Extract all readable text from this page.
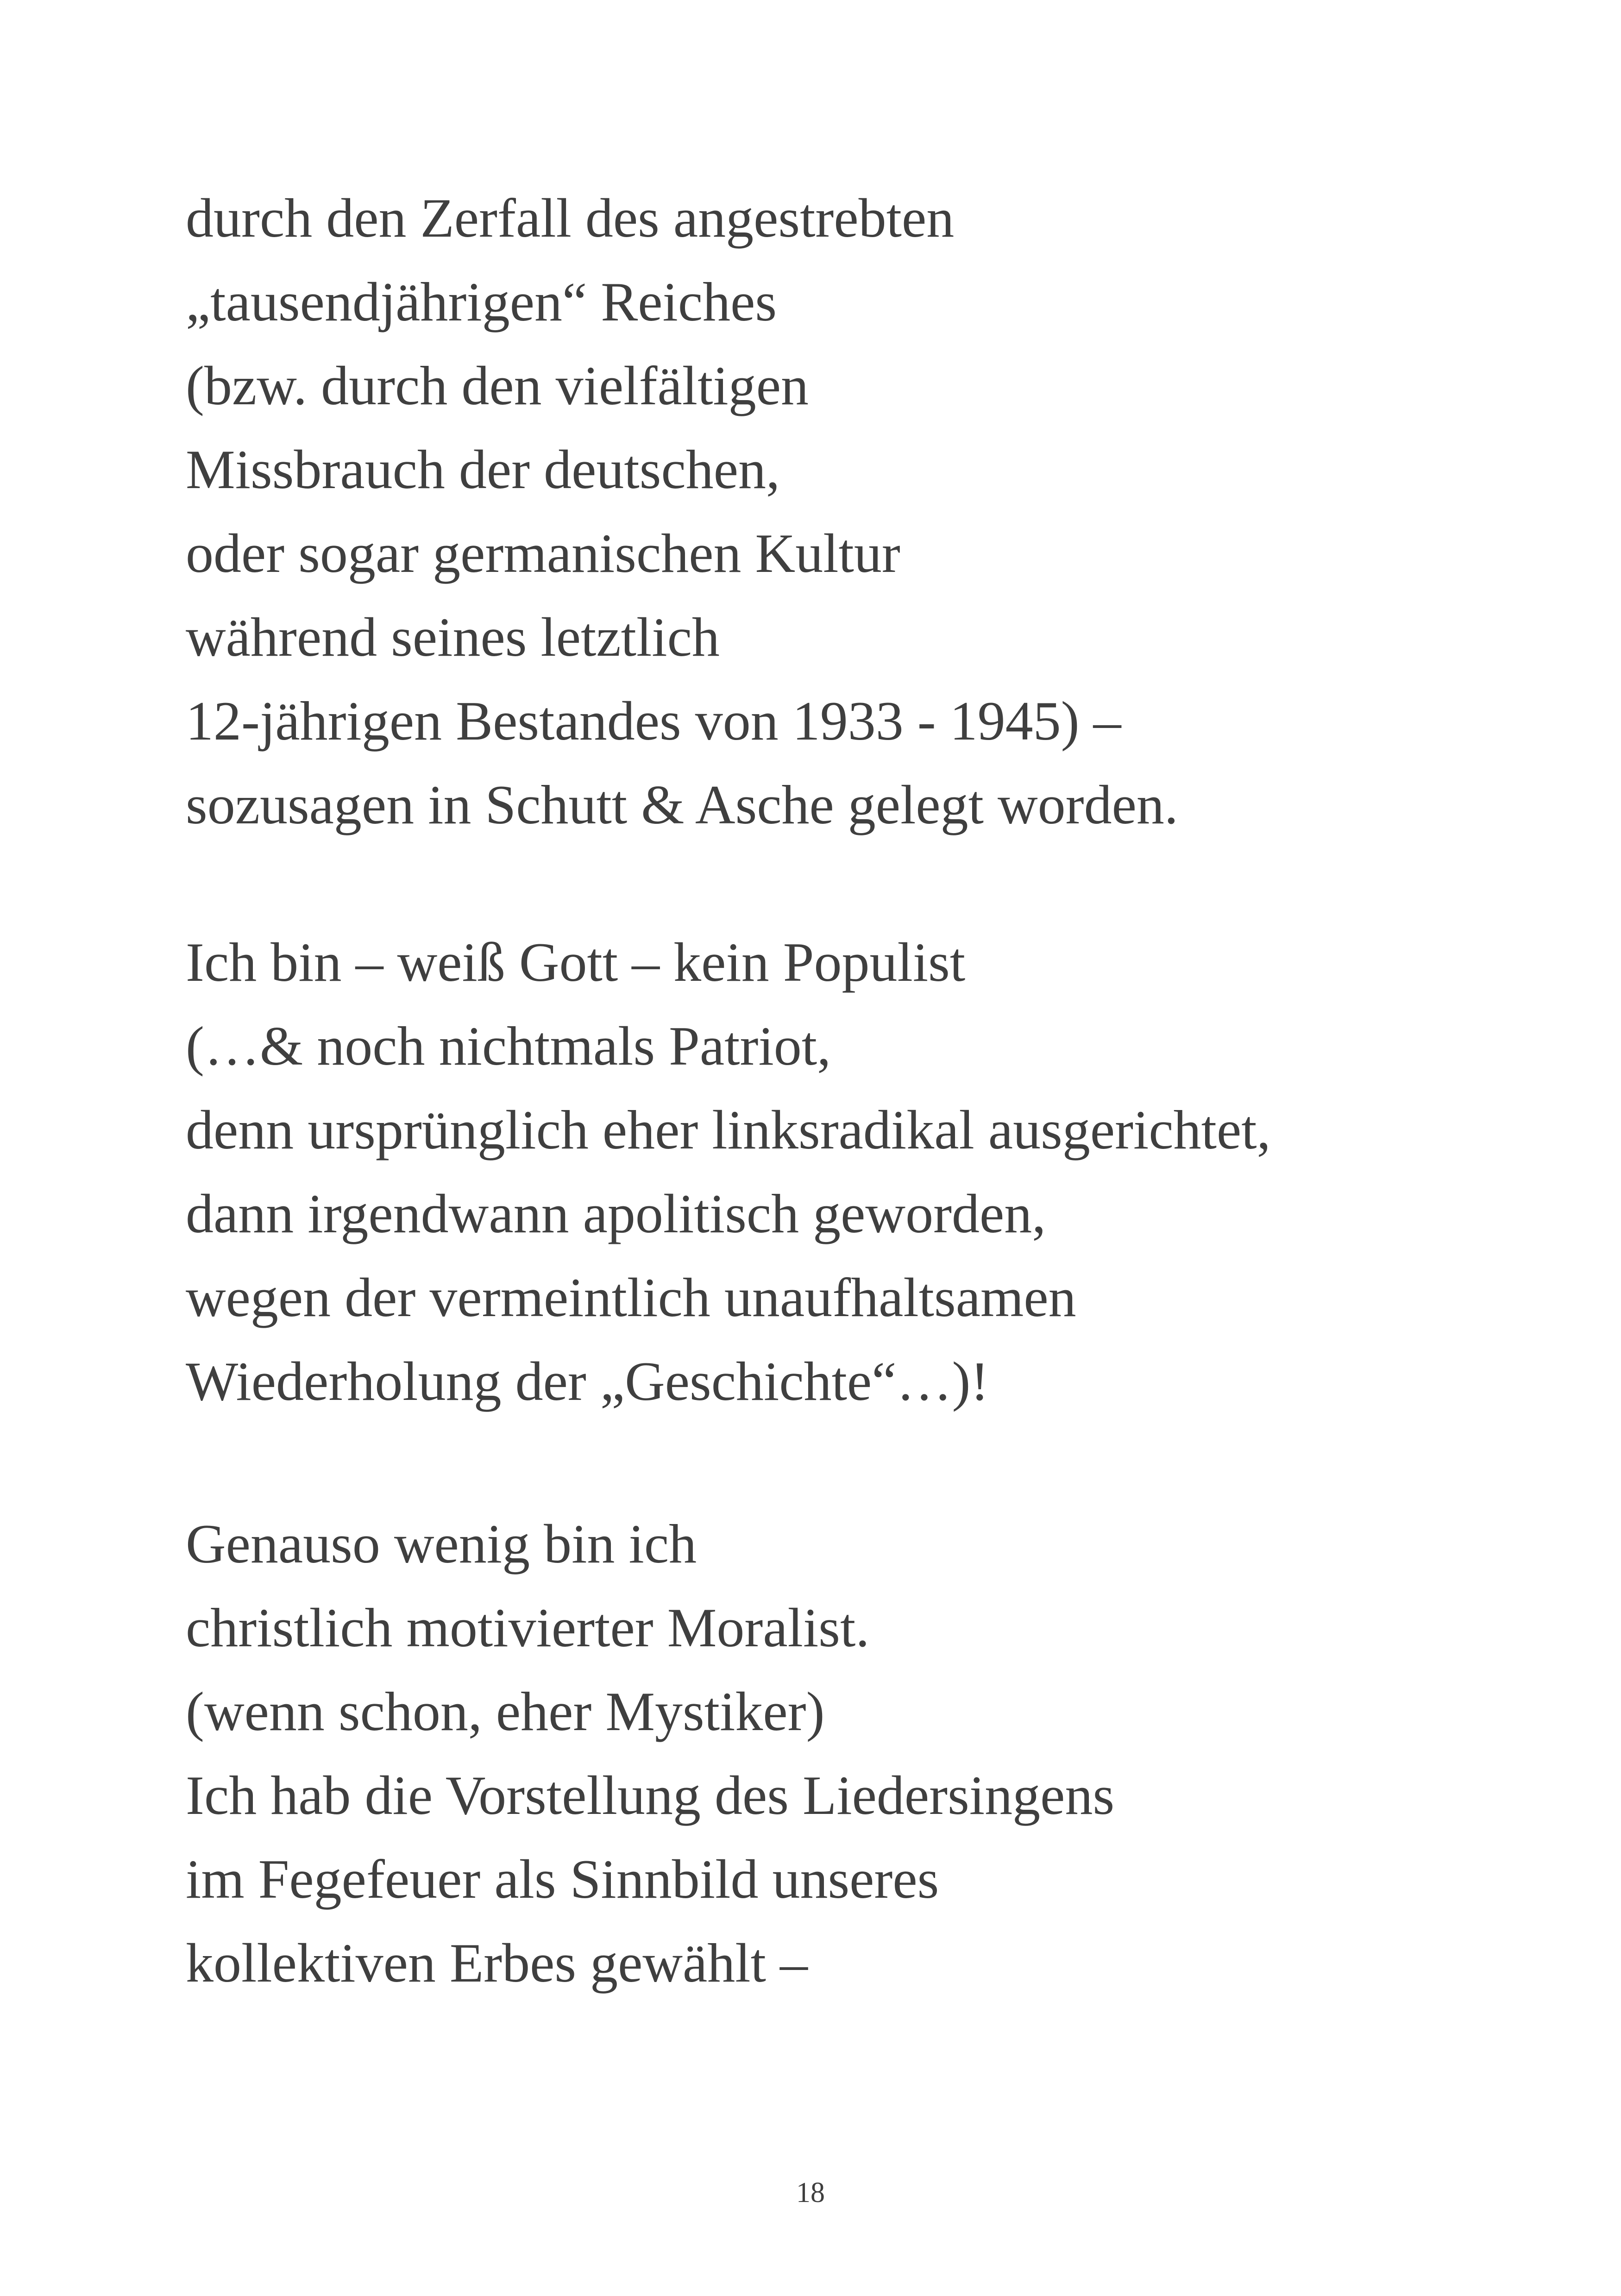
durch den Zerfall des angestrebten
„tausendjährigen“ Reiches
(bzw. durch den vielfältigen
Missbrauch der deutschen,
oder sogar germanischen Kultur
während seines letztlich
12-jährigen Bestandes von 1933 - 1945) –
sozusagen in Schutt & Asche gelegt worden.
Ich bin – weiß Gott – kein Populist
(…& noch nichtmals Patriot,
denn ursprünglich eher linksradikal ausgerichtet,
dann irgendwann apolitisch geworden,
wegen der vermeintlich unaufhaltsamen
Wiederholung der „Geschichte“…)!
Genauso wenig bin ich
christlich motivierter Moralist.
(wenn schon, eher Mystiker)
Ich hab die Vorstellung des Liedersingens
im Fegefeuer als Sinnbild unseres
kollektiven Erbes gewählt –
18
